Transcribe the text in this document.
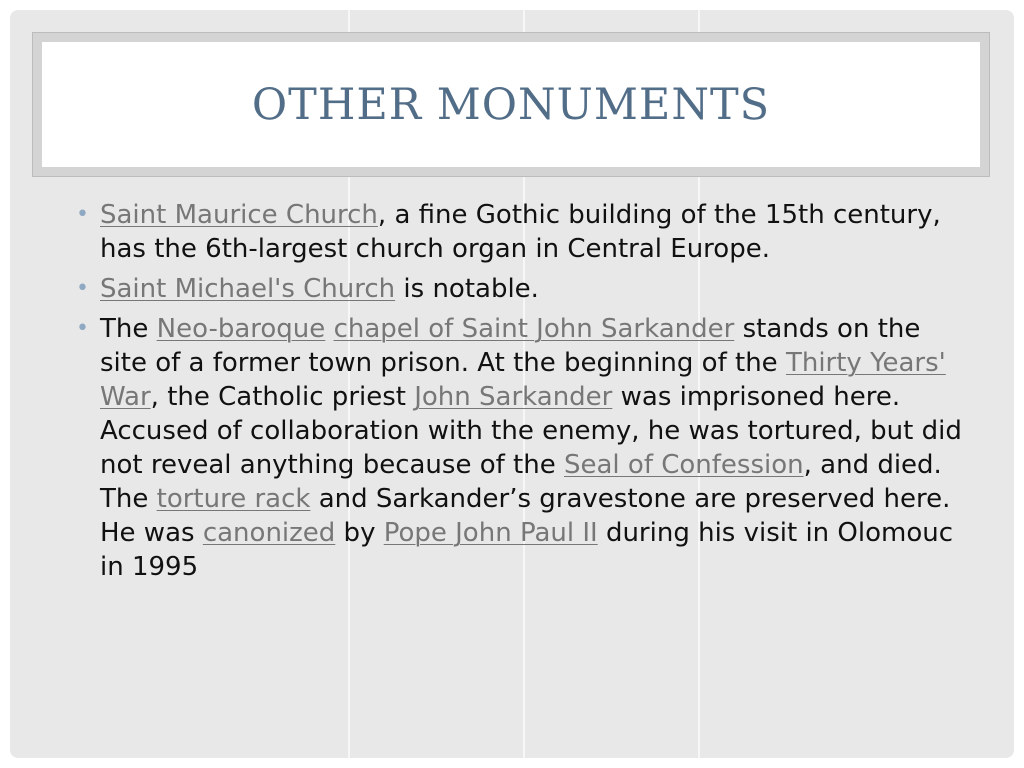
OTHER MONUMENTS
• Saint Maurice Church, a fine Gothic building of the 15th century, has the 6th-largest church organ in Central Europe.
• Saint Michael's Church is notable.
• The Neo-baroque chapel of Saint John Sarkander stands on the site of a former town prison. At the beginning of the Thirty Years' War, the Catholic priest John Sarkander was imprisoned here. Accused of collaboration with the enemy, he was tortured, but did not reveal anything because of the Seal of Confession, and died. The torture rack and Sarkander’s gravestone are preserved here. He was canonized by Pope John Paul II during his visit in Olomouc in 1995
